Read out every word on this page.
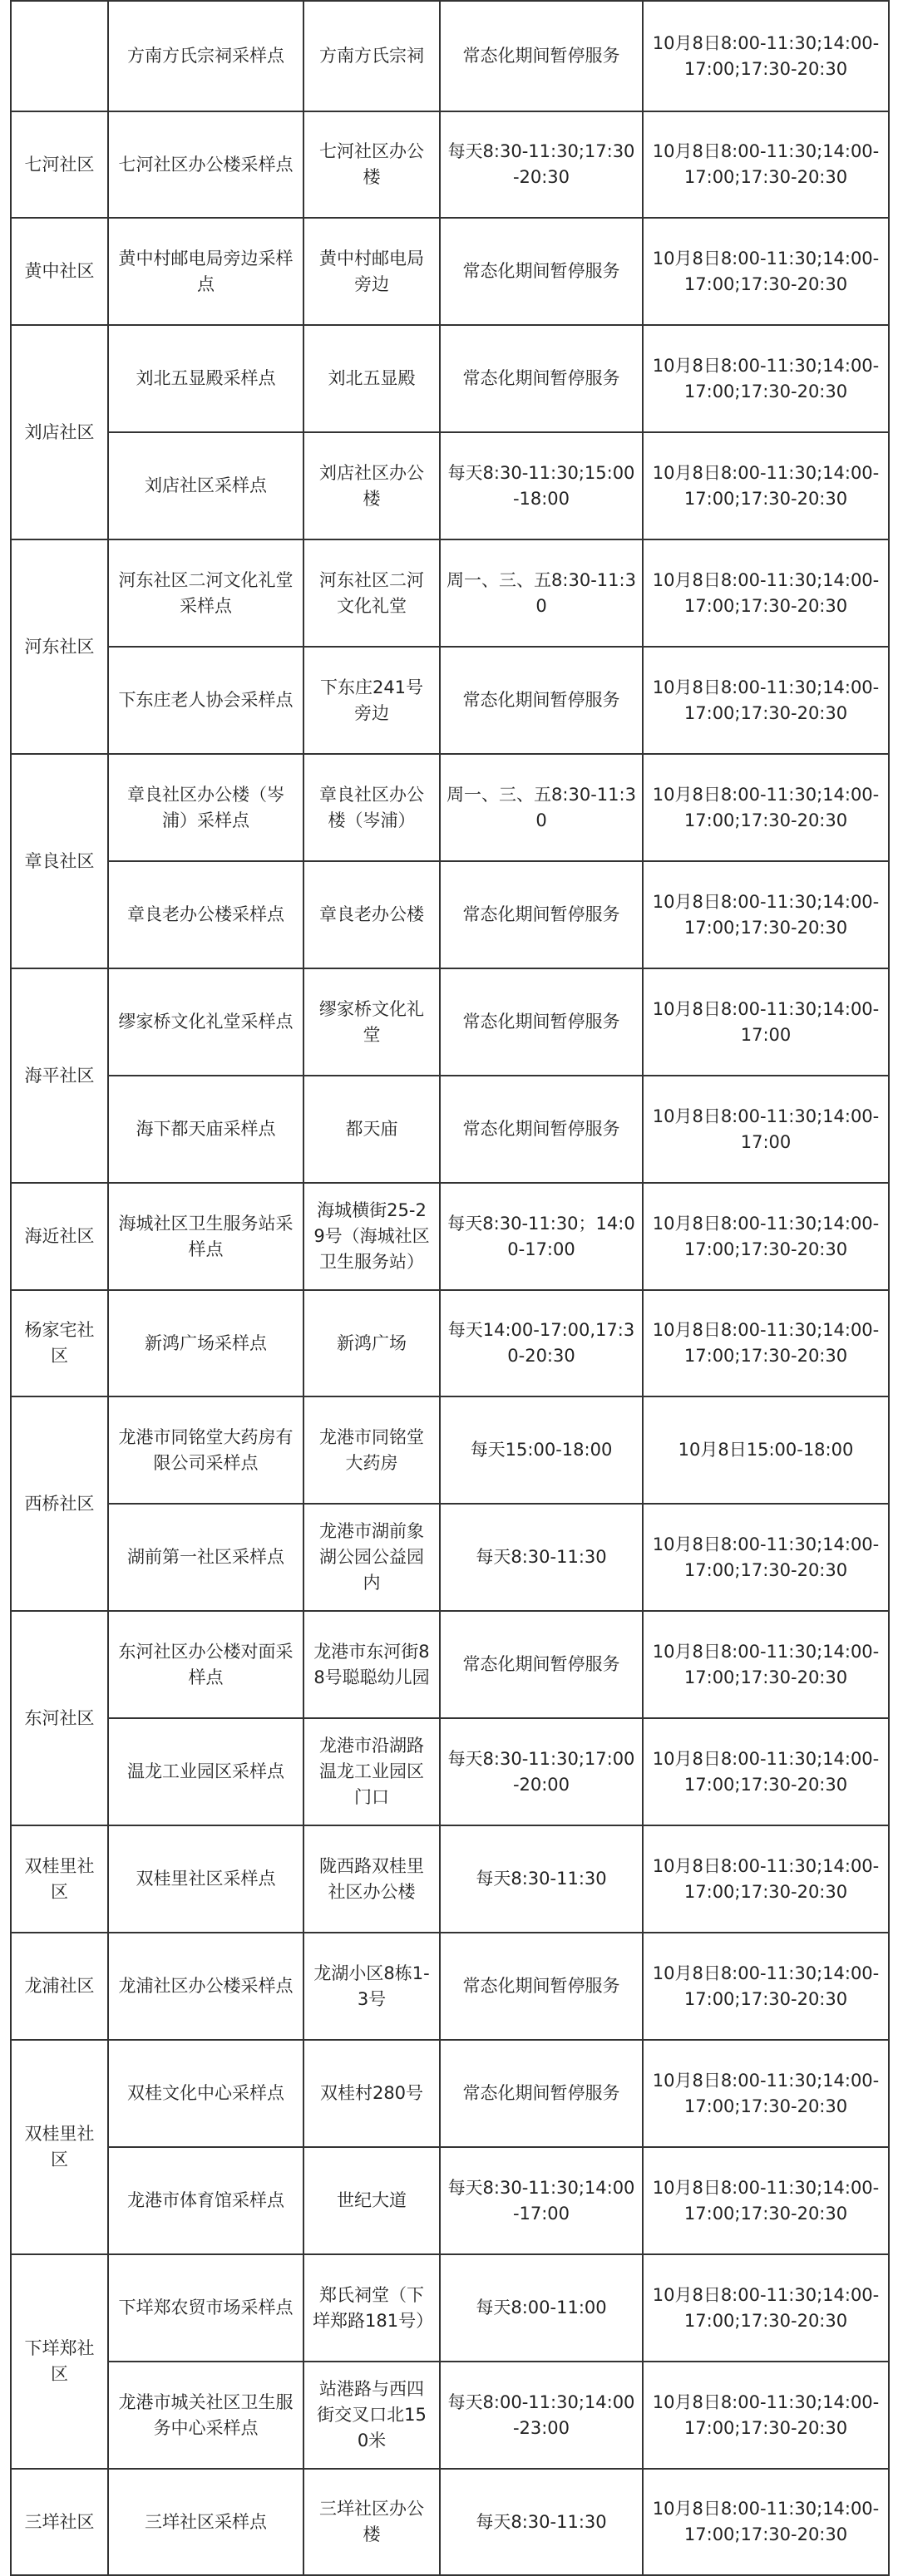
	方南方氏宗祠采样点	方南方氏宗祠	常态化期间暂停服务	10月8日8:00-11:30;14:00-17:00;17:30-20:30
七河社区	七河社区办公楼采样点	七河社区办公楼	每天8:30-11:30;17:30-20:30	10月8日8:00-11:30;14:00-17:00;17:30-20:30
黄中社区	黄中村邮电局旁边采样点	黄中村邮电局旁边	常态化期间暂停服务	10月8日8:00-11:30;14:00-17:00;17:30-20:30
刘店社区	刘北五显殿采样点	刘北五显殿	常态化期间暂停服务	10月8日8:00-11:30;14:00-17:00;17:30-20:30
	刘店社区采样点	刘店社区办公楼	每天8:30-11:30;15:00-18:00	10月8日8:00-11:30;14:00-17:00;17:30-20:30
河东社区	河东社区二河文化礼堂采样点	河东社区二河文化礼堂	周一、三、五8:30-11:30	10月8日8:00-11:30;14:00-17:00;17:30-20:30
	下东庄老人协会采样点	下东庄241号旁边	常态化期间暂停服务	10月8日8:00-11:30;14:00-17:00;17:30-20:30
章良社区	章良社区办公楼（岑浦）采样点	章良社区办公楼（岑浦）	周一、三、五8:30-11:30	10月8日8:00-11:30;14:00-17:00;17:30-20:30
	章良老办公楼采样点	章良老办公楼	常态化期间暂停服务	10月8日8:00-11:30;14:00-17:00;17:30-20:30
海平社区	缪家桥文化礼堂采样点	缪家桥文化礼堂	常态化期间暂停服务	10月8日8:00-11:30;14:00-17:00
	海下都天庙采样点	都天庙	常态化期间暂停服务	10月8日8:00-11:30;14:00-17:00
海近社区	海城社区卫生服务站采样点	海城横街25-29号（海城社区卫生服务站）	每天8:30-11:30；14:00-17:00	10月8日8:00-11:30;14:00-17:00;17:30-20:30
杨家宅社区	新鸿广场采样点	新鸿广场	每天14:00-17:00,17:30-20:30	10月8日8:00-11:30;14:00-17:00;17:30-20:30
西桥社区	龙港市同铭堂大药房有限公司采样点	龙港市同铭堂大药房	每天15:00-18:00	10月8日15:00-18:00
	湖前第一社区采样点	龙港市湖前象湖公园公益园内	每天8:30-11:30	10月8日8:00-11:30;14:00-17:00;17:30-20:30
东河社区	东河社区办公楼对面采样点	龙港市东河街88号聪聪幼儿园	常态化期间暂停服务	10月8日8:00-11:30;14:00-17:00;17:30-20:30
	温龙工业园区采样点	龙港市沿湖路温龙工业园区门口	每天8:30-11:30;17:00-20:00	10月8日8:00-11:30;14:00-17:00;17:30-20:30
双桂里社区	双桂里社区采样点	陇西路双桂里社区办公楼	每天8:30-11:30	10月8日8:00-11:30;14:00-17:00;17:30-20:30
龙浦社区	龙浦社区办公楼采样点	龙湖小区8栋1-3号	常态化期间暂停服务	10月8日8:00-11:30;14:00-17:00;17:30-20:30
双桂里社区	双桂文化中心采样点	双桂村280号	常态化期间暂停服务	10月8日8:00-11:30;14:00-17:00;17:30-20:30
	龙港市体育馆采样点	世纪大道	每天8:30-11:30;14:00-17:00	10月8日8:00-11:30;14:00-17:00;17:30-20:30
下垟郑社区	下垟郑农贸市场采样点	郑氏祠堂（下垟郑路181号）	每天8:00-11:00	10月8日8:00-11:30;14:00-17:00;17:30-20:30
	龙港市城关社区卫生服务中心采样点	站港路与西四街交叉口北150米	每天8:00-11:30;14:00-23:00	10月8日8:00-11:30;14:00-17:00;17:30-20:30
三垟社区	三垟社区采样点	三垟社区办公楼	每天8:30-11:30	10月8日8:00-11:30;14:00-17:00;17:30-20:30
